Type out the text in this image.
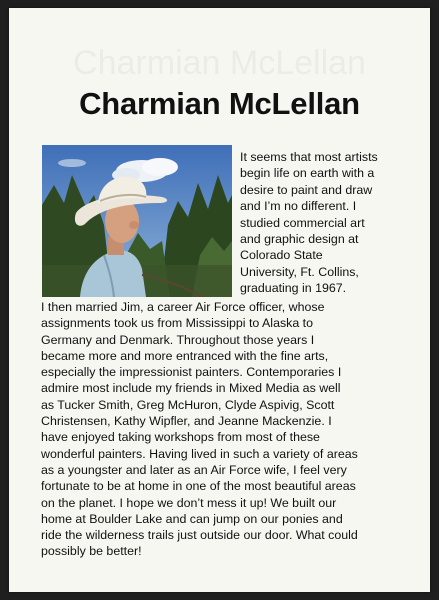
Charmian McLellan

It seems that most artists
begin life on earth with a
desire to paint and draw
and I’m no different. I
studied commercial art
and graphic design at
Colorado State
University, Ft. Collins,
graduating in 1967.

I then married Jim, a career Air Force officer, whose
assignments took us from Mississippi to Alaska to
Germany and Denmark. Throughout those years I
became more and more entranced with the fine arts,
especially the impressionist painters. Contemporaries I
admire most include my friends in Mixed Media as well
as Tucker Smith, Greg McHuron, Clyde Aspivig, Scott
Christensen, Kathy Wipfler, and Jeanne Mackenzie. I
have enjoyed taking workshops from most of these
wonderful painters. Having lived in such a variety of areas
as a youngster and later as an Air Force wife, I feel very
fortunate to be at home in one of the most beautiful areas
on the planet. I hope we don’t mess it up! We built our
home at Boulder Lake and can jump on our ponies and
ride the wilderness trails just outside our door. What could
possibly be better!
